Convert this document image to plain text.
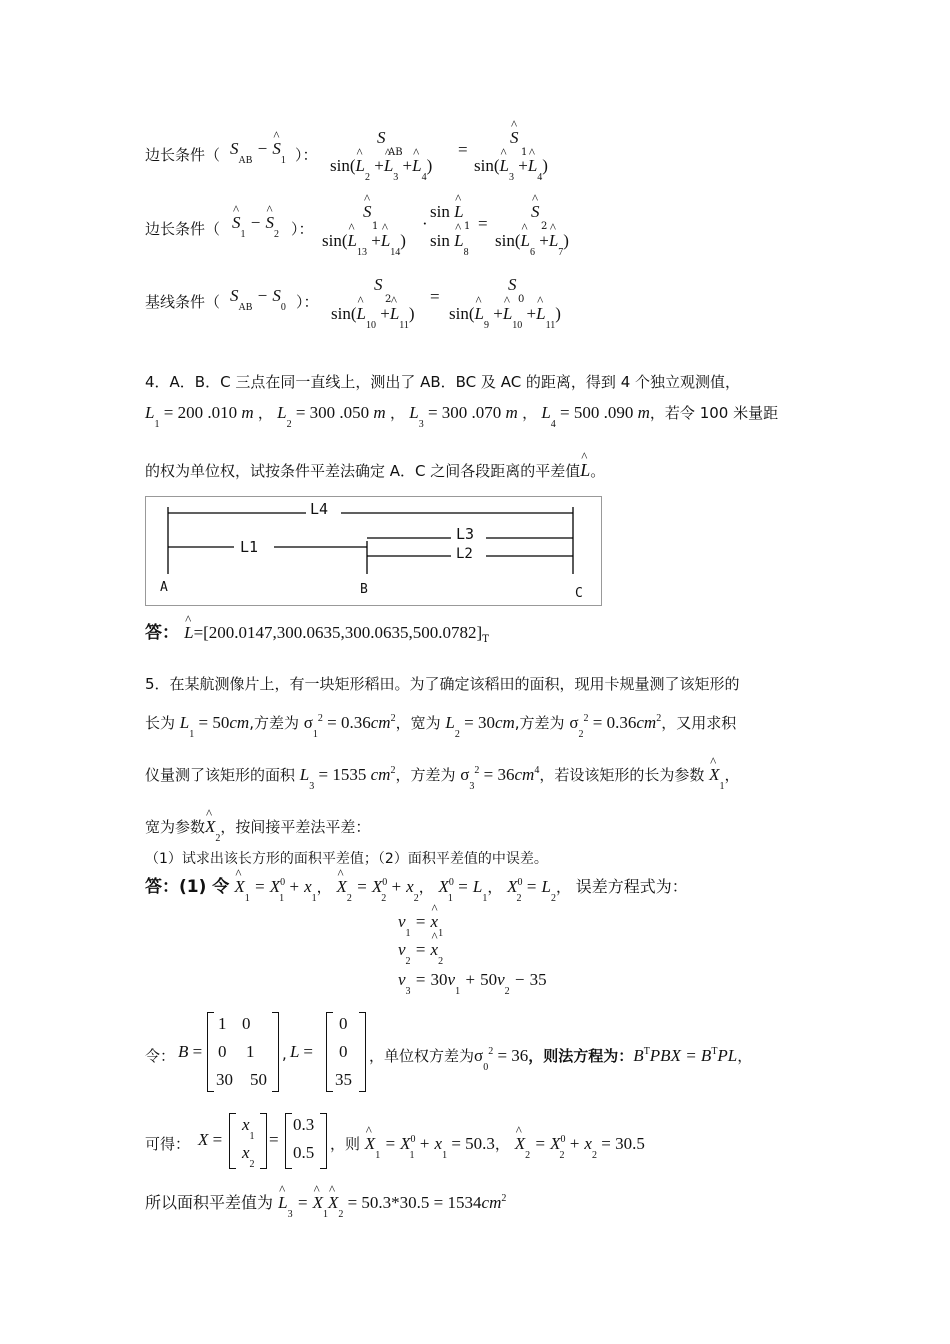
边长条件（ $S_{AB}$ − ^ $S_1$ ）：
S
AB
sin(^ $L_2$ +^ $L_3$ +^ $L_4$)
=
^ S
1
sin(^ $L_3$ +^ $L_4$)
边长条件（ ^ $S_1$ − ^ $S_2$ ）：
^ S
1
sin(^ $L_{13}$ +^ $L_{14}$)
·
sin ^ L
1
sin ^ $L_8$
=
^ S
2
sin(^ $L_6$ +^ $L_7$)
基线条件（ $S_{AB} - S_0$ ）：
S
2
sin(^ $L_{10}$ +^ $L_{11}$)
=
S
0
sin(^ $L_9$ +^ $L_{10}$ +^ $L_{11}$)
4．A．B．C 三点在同一直线上，测出了 AB．BC 及 AC 的距离，得到 4 个独立观测值，
$L_1 = 200$ .010 m ， $L_2 = 300$ .050 m ， $L_3 = 300$ .070 m ， $L_4 = 500$ .090 m，若令 100 米量距
的权为单位权，试按条件平差法确定 A．C 之间各段距离的平差值^ L。
L4
L1
L3
L2
A	B	C
答： ^ $L=[200.0147,300.0635,300.0635,500.0782]_T$
5．在某航测像片上，有一块矩形稻田。为了确定该稻田的面积，现用卡规量测了该矩形的
长为 $L_1 = 50cm$,方差为 $\sigma_1^2 = 0.36cm^2$，宽为 $L_2 = 30cm$,方差为 $\sigma_2^2 = 0.36cm^2$，又用求积
仪量测了该矩形的面积 $L_3 = 1535$ $cm^2$，方差为 $\sigma_3^2 = 36cm^4$，若设该矩形的长为参数 ^ $X_1$，
宽为参数^ $X_2$，按间接平差法平差：
（1）试求出该长方形的面积平差值；（2）面积平差值的中误差。
答：(1) 令 ^ $X_1 = X^0_1 + x_1$， ^ $X_2 = X^0_2 + x_2$， $X^0_1 = L_1$， $X^0_2 = L_2$， 误差方程式为：
$v_1$ = ^ $x_1$
$v_2$ = ^ $x_2$
$v_3 = 30v_1 + 50v_2 - 35$
令： B =
1 0
0 1
30 50
, L =
0
0
35
，单位权方差为$\sigma_0^2 = 36$，则法方程为：$B^TPBX = B^TPL$，
可得： X =
$x_1$
$x_2$
=
0.3
0.5 ，则 ^ $X_1 = X^0_1 + x_1 = 50.3$， ^ $X_2 = X^0_2 + x_2 = 30.5$
所以面积平差值为 ^ $L_3$ = ^ $X_1\^{}$ $X_2 = 50.3*30.5 = 1534cm^2$
